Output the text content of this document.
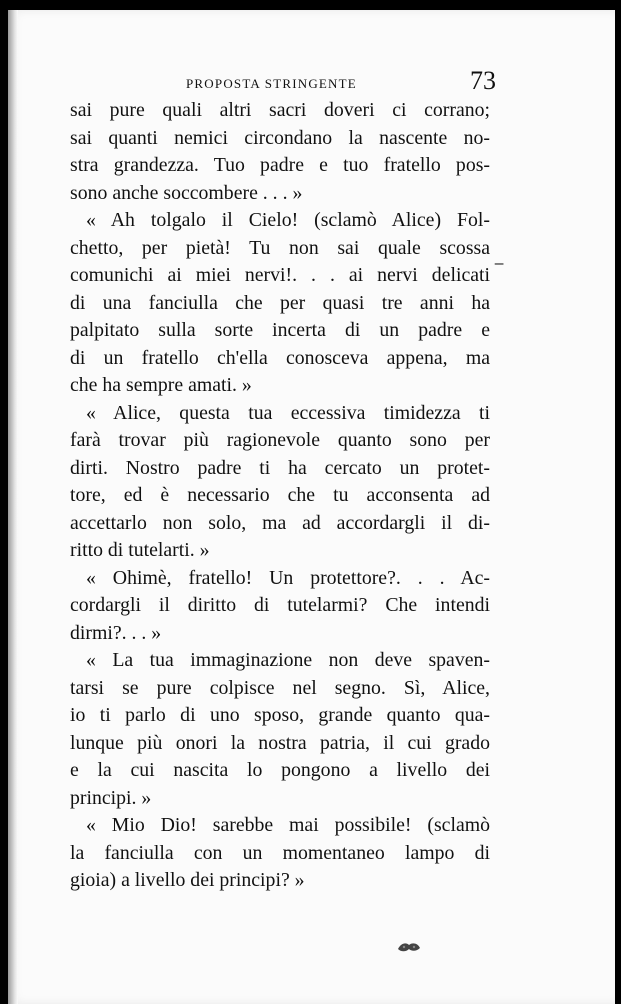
PROPOSTA STRINGENTE	73
‒
sai pure quali altri sacri doveri ci corrano;
sai quanti nemici circondano la nascente no-
stra grandezza. Tuo padre e tuo fratello pos-
sono anche soccombere . . . »
« Ah tolgalo il Cielo! (sclamò Alice) Fol-
chetto, per pietà! Tu non sai quale scossa
comunichi ai miei nervi!. . . ai nervi delicati
di una fanciulla che per quasi tre anni ha
palpitato sulla sorte incerta di un padre e
di un fratello ch'ella conosceva appena, ma
che ha sempre amati. »
« Alice, questa tua eccessiva timidezza ti
farà trovar più ragionevole quanto sono per
dirti. Nostro padre ti ha cercato un protet-
tore, ed è necessario che tu acconsenta ad
accettarlo non solo, ma ad accordargli il di-
ritto di tutelarti. »
« Ohimè, fratello! Un protettore?. . . Ac-
cordargli il diritto di tutelarmi? Che intendi
dirmi?. . . »
« La tua immaginazione non deve spaven-
tarsi se pure colpisce nel segno. Sì, Alice,
io ti parlo di uno sposo, grande quanto qua-
lunque più onori la nostra patria, il cui grado
e la cui nascita lo pongono a livello dei
principi. »
« Mio Dio! sarebbe mai possibile! (sclamò
la fanciulla con un momentaneo lampo di
gioia) a livello dei principi? »
